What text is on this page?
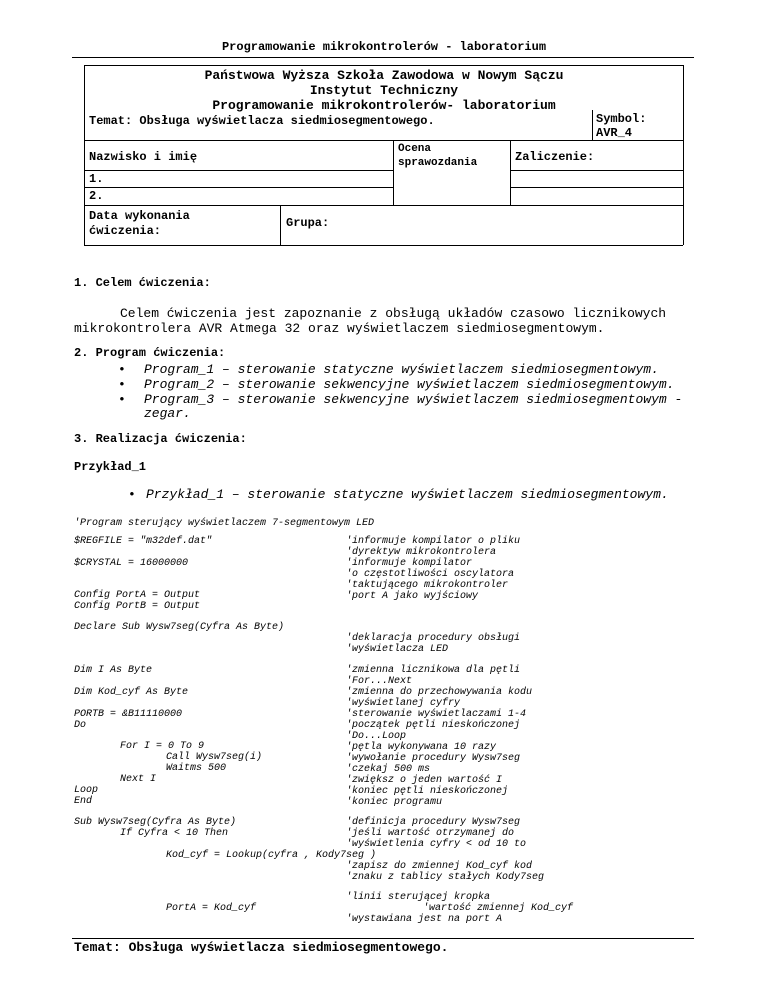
Programowanie mikrokontrolerów - laboratorium
Państwowa Wyższa Szkoła Zawodowa w Nowym Sączu
Instytut Techniczny
Programowanie mikrokontrolerów- laboratorium
Temat: Obsługa wyświetlacza siedmiosegmentowego.	Symbol:
AVR_4
Nazwisko i imię
Ocena
sprawozdania	Zaliczenie:
1.
2.
Data wykonania
ćwiczenia:
Grupa:
1. Celem ćwiczenia:
Celem ćwiczenia jest zapoznanie z obsługą układów czasowo licznikowych
mikrokontrolera AVR Atmega 32 oraz wyświetlaczem siedmiosegmentowym.
2. Program ćwiczenia:
• Program_1 – sterowanie statyczne wyświetlaczem siedmiosegmentowym.
• Program_2 – sterowanie sekwencyjne wyświetlaczem siedmiosegmentowym.
• Program_3 – sterowanie sekwencyjne wyświetlaczem siedmiosegmentowym -
zegar.
3. Realizacja ćwiczenia:
Przykład_1
• Przykład_1 – sterowanie statyczne wyświetlaczem siedmiosegmentowym.
'Program sterujący wyświetlaczem 7-segmentowym LED
$REGFILE = "m32def.dat"
$CRYSTAL = 16000000
Config PortA = Output
Config PortB = Output
Declare Sub Wysw7seg(Cyfra As Byte)
Dim I As Byte
Dim Kod_cyf As Byte
PORTB = &B11110000
Do
For I = 0 To 9
Call Wysw7seg(i)
Waitms 500
Next I
Loop
End
Sub Wysw7seg(Cyfra As Byte)
If Cyfra < 10 Then
Kod_cyf = Lookup(cyfra , Kody7seg )
PortA = Kod_cyf
'informuje kompilator o pliku
'dyrektyw mikrokontrolera
'informuje kompilator
'o częstotliwości oscylatora
'taktującego mikrokontroler
'port A jako wyjściowy
'deklaracja procedury obsługi
'wyświetlacza LED
'zmienna licznikowa dla pętli
'For...Next
'zmienna do przechowywania kodu
'wyświetlanej cyfry
'sterowanie wyświetlaczami 1-4
'początek pętli nieskończonej
'Do...Loop
'pętla wykonywana 10 razy
'wywołanie procedury Wysw7seg
'czekaj 500 ms
'zwiększ o jeden wartość I
'koniec pętli nieskończonej
'koniec programu
'definicja procedury Wysw7seg
'jeśli wartość otrzymanej do
'wyświetlenia cyfry < od 10 to
'zapisz do zmiennej Kod_cyf kod
'znaku z tablicy stałych Kody7seg
'linii sterującej kropka
'wartość zmiennej Kod_cyf
'wystawiana jest na port A
Temat: Obsługa wyświetlacza siedmiosegmentowego.
